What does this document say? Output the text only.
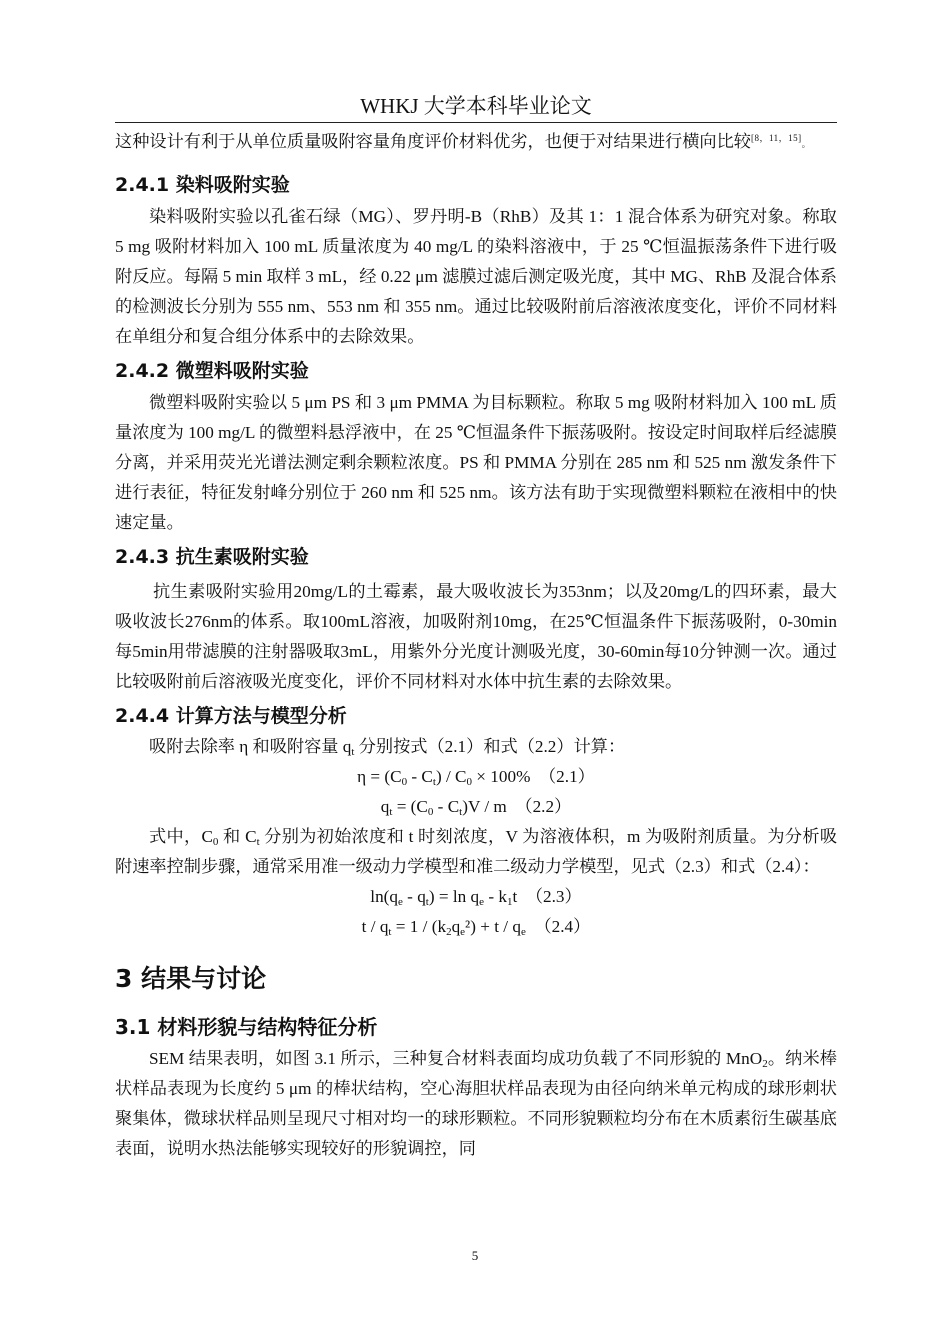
WHKJ 大学本科毕业论文

这种设计有利于从单位质量吸附容量角度评价材料优劣，也便于对结果进行横向比较[8，11，15]。

2.4.1 染料吸附实验

染料吸附实验以孔雀石绿（MG）、罗丹明-B（RhB）及其 1：1 混合体系为研究对象。称取 5 mg 吸附材料加入 100 mL 质量浓度为 40 mg/L 的染料溶液中，于 25 ℃恒温振荡条件下进行吸附反应。每隔 5 min 取样 3 mL，经 0.22 μm 滤膜过滤后测定吸光度，其中 MG、RhB 及混合体系的检测波长分别为 555 nm、553 nm 和 355 nm。通过比较吸附前后溶液浓度变化，评价不同材料在单组分和复合组分体系中的去除效果。

2.4.2 微塑料吸附实验

微塑料吸附实验以 5 μm PS 和 3 μm PMMA 为目标颗粒。称取 5 mg 吸附材料加入 100 mL 质量浓度为 100 mg/L 的微塑料悬浮液中，在 25 ℃恒温条件下振荡吸附。按设定时间取样后经滤膜分离，并采用荧光光谱法测定剩余颗粒浓度。PS 和 PMMA 分别在 285 nm 和 525 nm 激发条件下进行表征，特征发射峰分别位于 260 nm 和 525 nm。该方法有助于实现微塑料颗粒在液相中的快速定量。

2.4.3 抗生素吸附实验

抗生素吸附实验用20mg/L的土霉素，最大吸收波长为353nm；以及20mg/L的四环素，最大吸收波长276nm的体系。取100mL溶液，加吸附剂10mg，在25℃恒温条件下振荡吸附，0-30min每5min用带滤膜的注射器吸取3mL，用紫外分光度计测吸光度，30-60min每10分钟测一次。通过比较吸附前后溶液吸光度变化，评价不同材料对水体中抗生素的去除效果。

2.4.4 计算方法与模型分析

吸附去除率 η 和吸附容量 $q_t$ 分别按式（2.1）和式（2.2）计算：

$\eta = (C_0 - C_t) / C_0 \times 100\%$  （2.1）
$q_t = (C_0 - C_t)V / m$  （2.2）

式中，$C_0$ 和 $C_t$ 分别为初始浓度和 t 时刻浓度，V 为溶液体积，m 为吸附剂质量。为分析吸附速率控制步骤，通常采用准一级动力学模型和准二级动力学模型，见式（2.3）和式（2.4）：

$\ln(q_e - q_t) = \ln q_e - k_1t$  （2.3）
$t / q_t = 1 / (k_2q_e^2) + t / q_e$ （2.4）
3 结果与讨论
3.1 材料形貌与结构特征分析

SEM 结果表明，如图 3.1 所示，三种复合材料表面均成功负载了不同形貌的 MnO$_2$。纳米棒状样品表现为长度约 5 μm 的棒状结构，空心海胆状样品表现为由径向纳米单元构成的球形刺状聚集体，微球状样品则呈现尺寸相对均一的球形颗粒。不同形貌颗粒均分布在木质素衍生碳基底表面，说明水热法能够实现较好的形貌调控，同

5
